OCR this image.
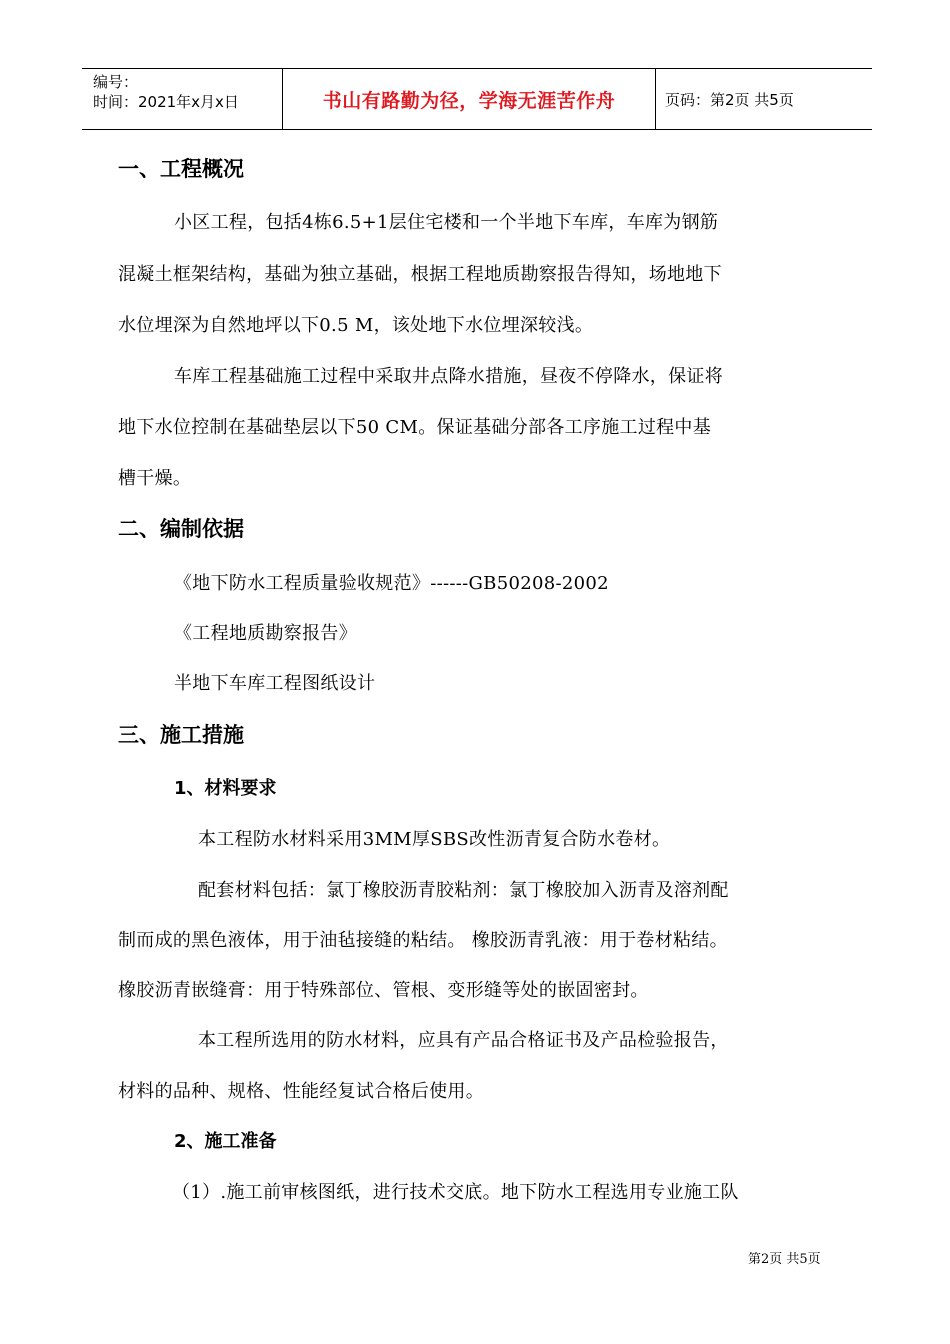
编号：
时间：2021年x月x日	书山有路勤为径，学海无涯苦作舟	页码：第2页 共5页
一、工程概况
小区工程，包括4栋6.5+1层住宅楼和一个半地下车库，车库为钢筋
混凝土框架结构，基础为独立基础，根据工程地质勘察报告得知，场地地下
水位埋深为自然地坪以下0.5 M，该处地下水位埋深较浅。
车库工程基础施工过程中采取井点降水措施，昼夜不停降水，保证将
地下水位控制在基础垫层以下50 CM。保证基础分部各工序施工过程中基
槽干燥。
二、编制依据
《地下防水工程质量验收规范》------GB50208-2002
《工程地质勘察报告》
半地下车库工程图纸设计
三、施工措施
1、材料要求
本工程防水材料采用3MM厚SBS改性沥青复合防水卷材。
配套材料包括：氯丁橡胶沥青胶粘剂：氯丁橡胶加入沥青及溶剂配
制而成的黑色液体，用于油毡接缝的粘结。 橡胶沥青乳液：用于卷材粘结。
橡胶沥青嵌缝膏：用于特殊部位、管根、变形缝等处的嵌固密封。
本工程所选用的防水材料，应具有产品合格证书及产品检验报告，
材料的品种、规格、性能经复试合格后使用。
2、施工准备
（1）.施工前审核图纸，进行技术交底。地下防水工程选用专业施工队
第2页 共5页
